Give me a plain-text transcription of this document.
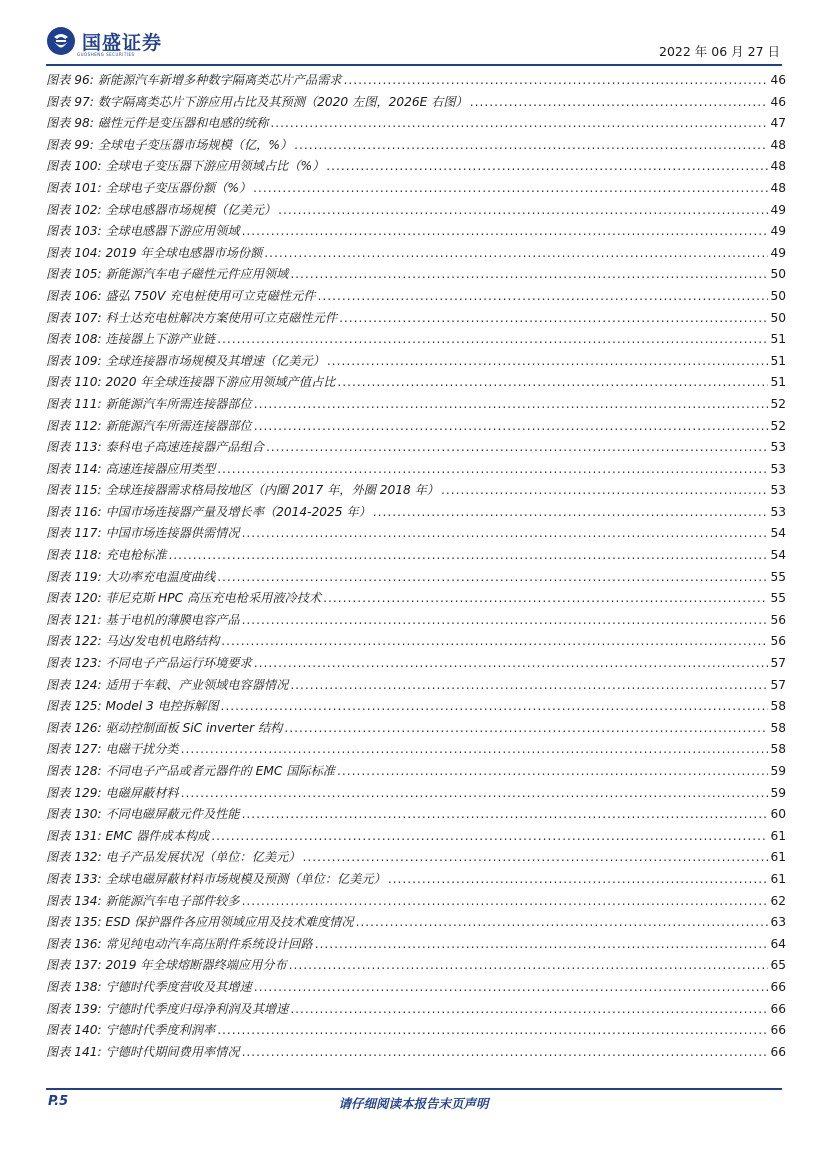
国盛证券
GUOSHENG SECURITIES	2022 年 06 月 27 日
图表 96: 新能源汽车新增多种数字隔离类芯片产品需求 .....	46
图表 97: 数字隔离类芯片下游应用占比及其预测（2020 左图，2026E 右图） .....	46
图表 98: 磁性元件是变压器和电感的统称 .....	47
图表 99: 全球电子变压器市场规模（亿，%） .....	48
图表 100: 全球电子变压器下游应用领域占比（%） .....	48
图表 101: 全球电子变压器份额（%） .....	48
图表 102: 全球电感器市场规模（亿美元） .....	49
图表 103: 全球电感器下游应用领域 .....	49
图表 104: 2019 年全球电感器市场份额 .....	49
图表 105: 新能源汽车电子磁性元件应用领域 .....	50
图表 106: 盛弘 750V 充电桩使用可立克磁性元件 .....	50
图表 107: 科士达充电桩解决方案使用可立克磁性元件 .....	50
图表 108: 连接器上下游产业链 .....	51
图表 109: 全球连接器市场规模及其增速（亿美元） .....	51
图表 110: 2020 年全球连接器下游应用领域产值占比 .....	51
图表 111: 新能源汽车所需连接器部位 .....	52
图表 112: 新能源汽车所需连接器部位 .....	52
图表 113: 泰科电子高速连接器产品组合 .....	53
图表 114: 高速连接器应用类型 .....	53
图表 115: 全球连接器需求格局按地区（内圈 2017 年，外圈 2018 年） .....	53
图表 116: 中国市场连接器产量及增长率（2014-2025 年） .....	53
图表 117: 中国市场连接器供需情况 .....	54
图表 118: 充电枪标准 .....	54
图表 119: 大功率充电温度曲线 .....	55
图表 120: 菲尼克斯 HPC 高压充电枪采用液冷技术 .....	55
图表 121: 基于电机的薄膜电容产品 .....	56
图表 122: 马达/发电机电路结构 .....	56
图表 123: 不同电子产品运行环境要求 .....	57
图表 124: 适用于车载、产业领域电容器情况 .....	57
图表 125: Model 3 电控拆解图 .....	58
图表 126: 驱动控制面板 SiC inverter 结构 .....	58
图表 127: 电磁干扰分类 .....	58
图表 128: 不同电子产品或者元器件的 EMC 国际标准 .....	59
图表 129: 电磁屏蔽材料 .....	59
图表 130: 不同电磁屏蔽元件及性能 .....	60
图表 131: EMC 器件成本构成 .....	61
图表 132: 电子产品发展状况（单位：亿美元） .....	61
图表 133: 全球电磁屏蔽材料市场规模及预测（单位：亿美元） .....	61
图表 134: 新能源汽车电子部件较多 .....	62
图表 135: ESD 保护器件各应用领域应用及技术难度情况 .....	63
图表 136: 常见纯电动汽车高压附件系统设计回路 .....	64
图表 137: 2019 年全球熔断器终端应用分布 .....	65
图表 138: 宁德时代季度营收及其增速 .....	66
图表 139: 宁德时代季度归母净利润及其增速 .....	66
图表 140: 宁德时代季度利润率 .....	66
图表 141: 宁德时代期间费用率情况 .....	66
P.5	请仔细阅读本报告末页声明
